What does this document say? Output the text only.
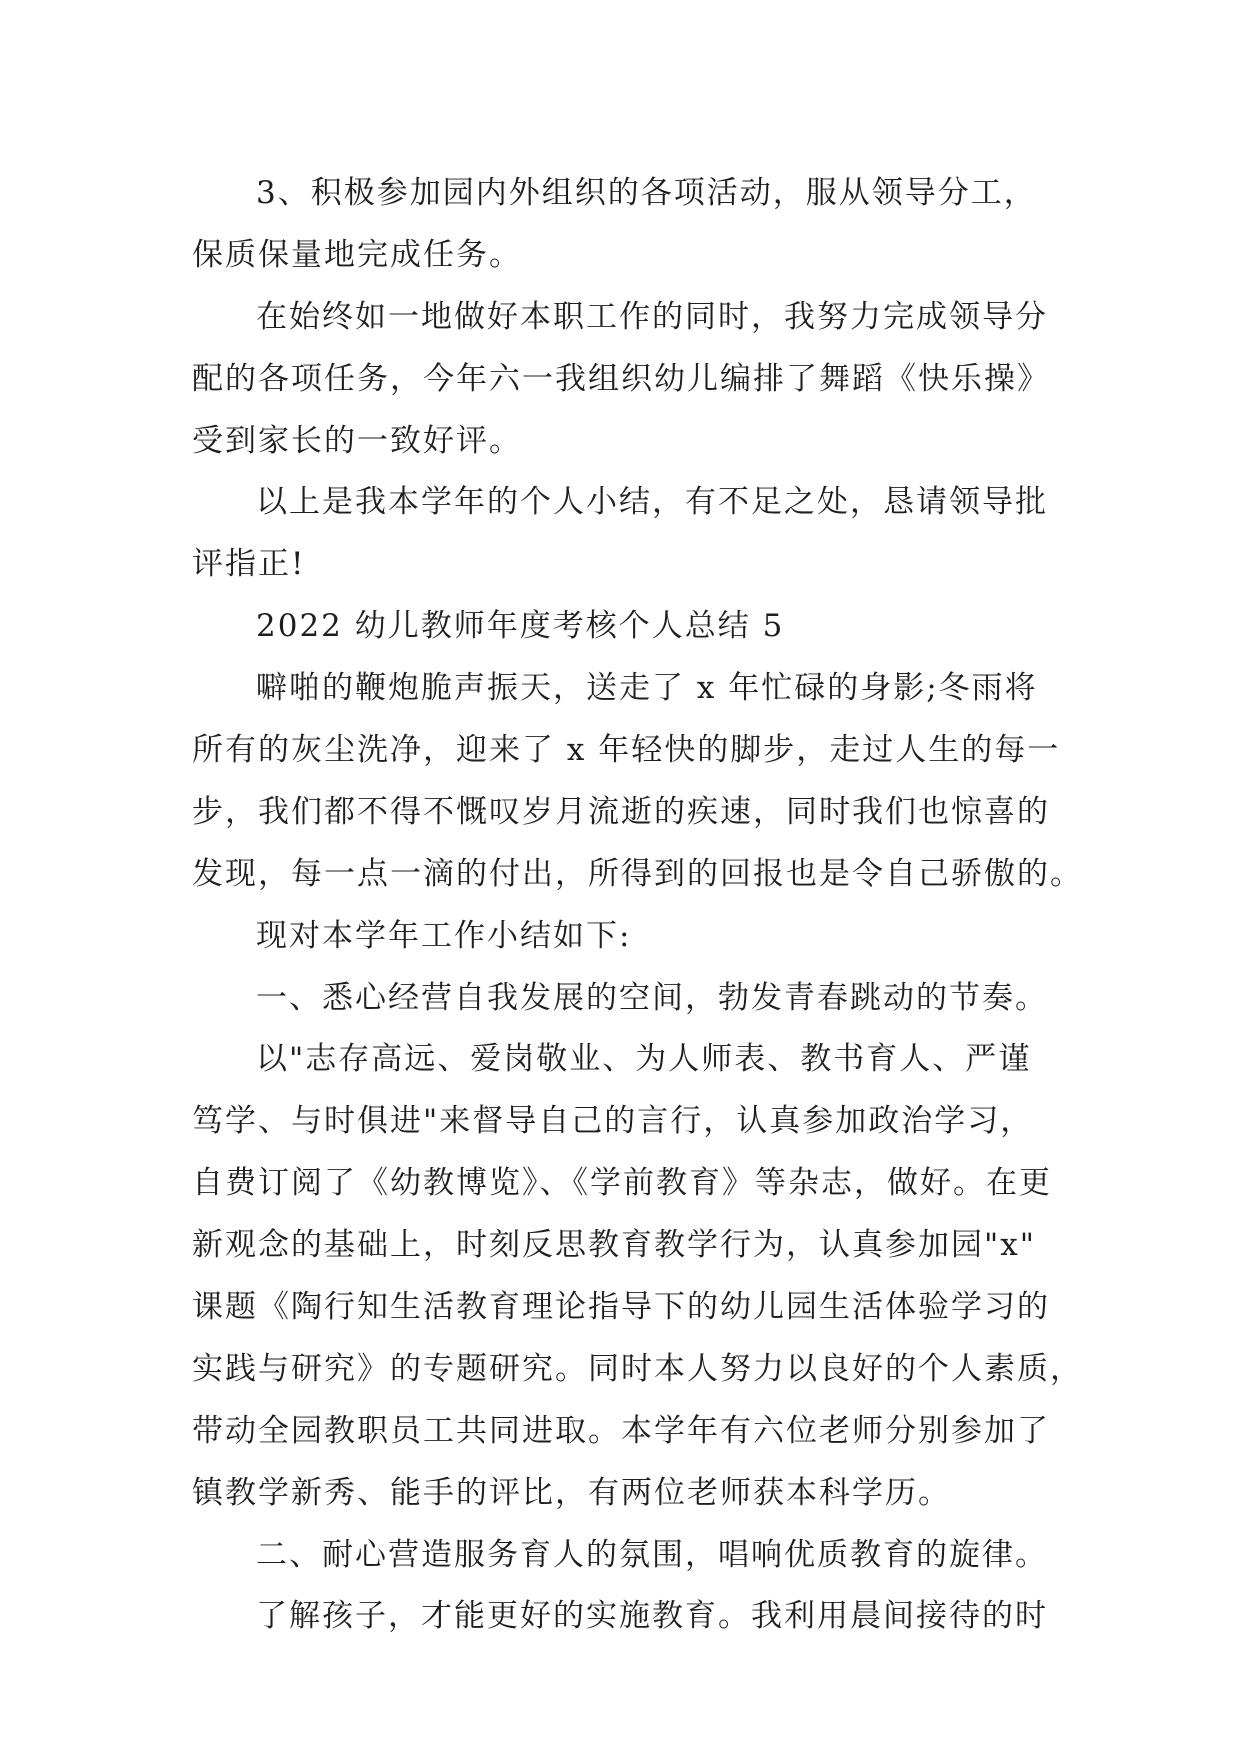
3、积极参加园内外组织的各项活动，服从领导分工，
保质保量地完成任务。
在始终如一地做好本职工作的同时，我努力完成领导分
配的各项任务，今年六一我组织幼儿编排了舞蹈《快乐操》
受到家长的一致好评。
以上是我本学年的个人小结，有不足之处，恳请领导批
评指正!
2022 幼儿教师年度考核个人总结 5
噼啪的鞭炮脆声振天，送走了 x 年忙碌的身影;冬雨将
所有的灰尘洗净，迎来了 x 年轻快的脚步，走过人生的每一
步，我们都不得不慨叹岁月流逝的疾速，同时我们也惊喜的
发现，每一点一滴的付出，所得到的回报也是令自己骄傲的。
现对本学年工作小结如下:
一、悉心经营自我发展的空间，勃发青春跳动的节奏。
以"志存高远、爱岗敬业、为人师表、教书育人、严谨
笃学、与时俱进"来督导自己的言行，认真参加政治学习，
自费订阅了《幼教博览》、《学前教育》等杂志，做好。在更
新观念的基础上，时刻反思教育教学行为，认真参加园"x"
课题《陶行知生活教育理论指导下的幼儿园生活体验学习的
实践与研究》的专题研究。同时本人努力以良好的个人素质，
带动全园教职员工共同进取。本学年有六位老师分别参加了
镇教学新秀、能手的评比，有两位老师获本科学历。
二、耐心营造服务育人的氛围，唱响优质教育的旋律。
了解孩子，才能更好的实施教育。我利用晨间接待的时
